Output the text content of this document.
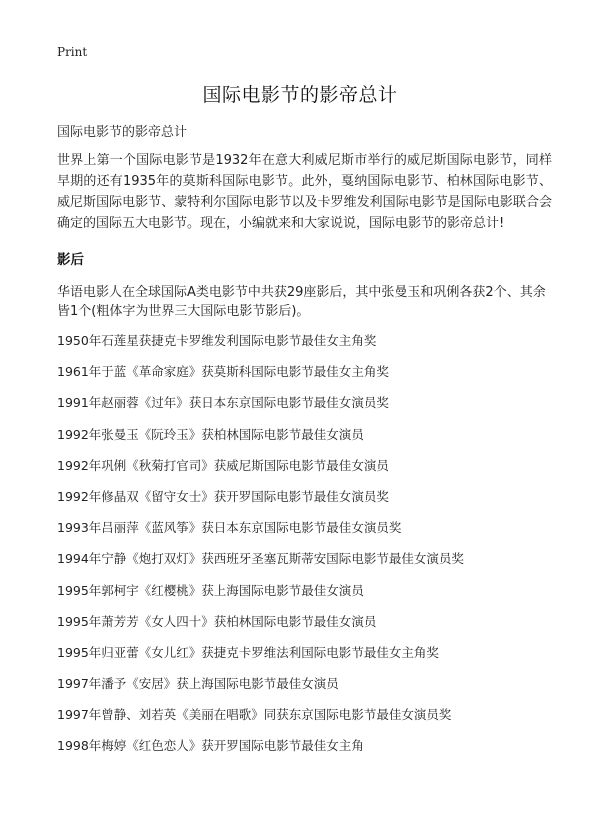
Print
国际电影节的影帝总计

国际电影节的影帝总计

世界上第一个国际电影节是1932年在意大利威尼斯市举行的威尼斯国际电影节，同样早期的还有1935年的莫斯科国际电影节。此外，戛纳国际电影节、柏林国际电影节、威尼斯国际电影节、蒙特利尔国际电影节以及卡罗维发利国际电影节是国际电影联合会确定的国际五大电影节。现在，小编就来和大家说说，国际电影节的影帝总计!

影后

华语电影人在全球国际A类电影节中共获29座影后，其中张曼玉和巩俐各获2个、其余皆1个(粗体字为世界三大国际电影节影后)。

1950年石莲星获捷克卡罗维发利国际电影节最佳女主角奖
1961年于蓝《革命家庭》获莫斯科国际电影节最佳女主角奖
1991年赵丽蓉《过年》获日本东京国际电影节最佳女演员奖
1992年张曼玉《阮玲玉》获柏林国际电影节最佳女演员
1992年巩俐《秋菊打官司》获威尼斯国际电影节最佳女演员
1992年修晶双《留守女士》获开罗国际电影节最佳女演员奖
1993年吕丽萍《蓝风筝》获日本东京国际电影节最佳女演员奖
1994年宁静《炮打双灯》获西班牙圣塞瓦斯蒂安国际电影节最佳女演员奖
1995年郭柯宇《红樱桃》获上海国际电影节最佳女演员
1995年萧芳芳《女人四十》获柏林国际电影节最佳女演员
1995年归亚蕾《女儿红》获捷克卡罗维法利国际电影节最佳女主角奖
1997年潘予《安居》获上海国际电影节最佳女演员
1997年曾静、刘若英《美丽在唱歌》同获东京国际电影节最佳女演员奖
1998年梅婷《红色恋人》获开罗国际电影节最佳女主角
